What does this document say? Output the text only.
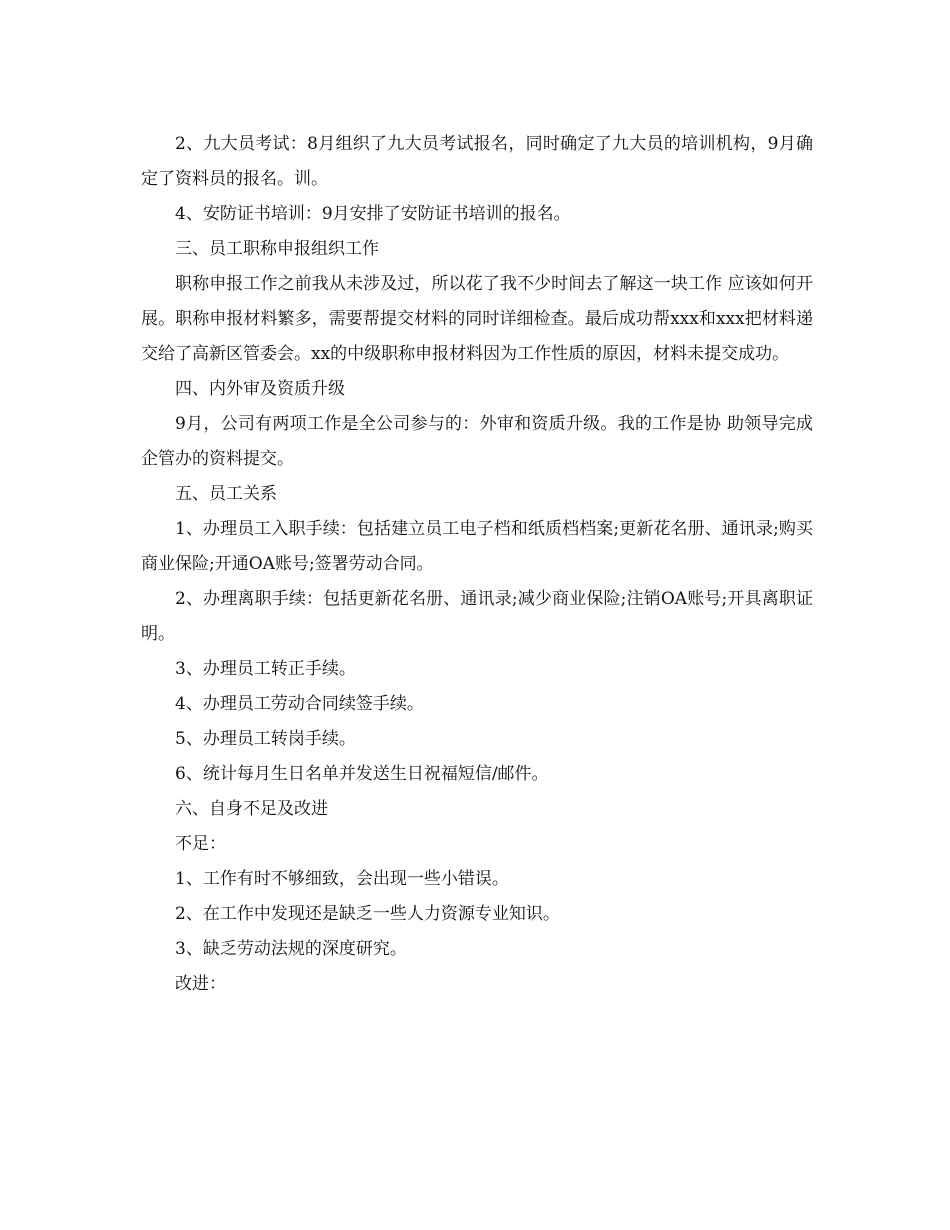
2、九大员考试：8月组织了九大员考试报名，同时确定了九大员的培训机构，9月确定了资料员的报名。训。

4、安防证书培训：9月安排了安防证书培训的报名。

三、员工职称申报组织工作

职称申报工作之前我从未涉及过，所以花了我不少时间去了解这一块工作 应该如何开展。职称申报材料繁多，需要帮提交材料的同时详细检查。最后成功帮xxx和xxx把材料递交给了高新区管委会。xx的中级职称申报材料因为工作性质的原因，材料未提交成功。

四、内外审及资质升级

9月，公司有两项工作是全公司参与的：外审和资质升级。我的工作是协 助领导完成企管办的资料提交。

五、员工关系

1、办理员工入职手续：包括建立员工电子档和纸质档档案;更新花名册、通讯录;购买商业保险;开通OA账号;签署劳动合同。

2、办理离职手续：包括更新花名册、通讯录;减少商业保险;注销OA账号;开具离职证明。

3、办理员工转正手续。

4、办理员工劳动合同续签手续。

5、办理员工转岗手续。

6、统计每月生日名单并发送生日祝福短信/邮件。

六、自身不足及改进

不足：

1、工作有时不够细致，会出现一些小错误。

2、在工作中发现还是缺乏一些人力资源专业知识。

3、缺乏劳动法规的深度研究。

改进：
